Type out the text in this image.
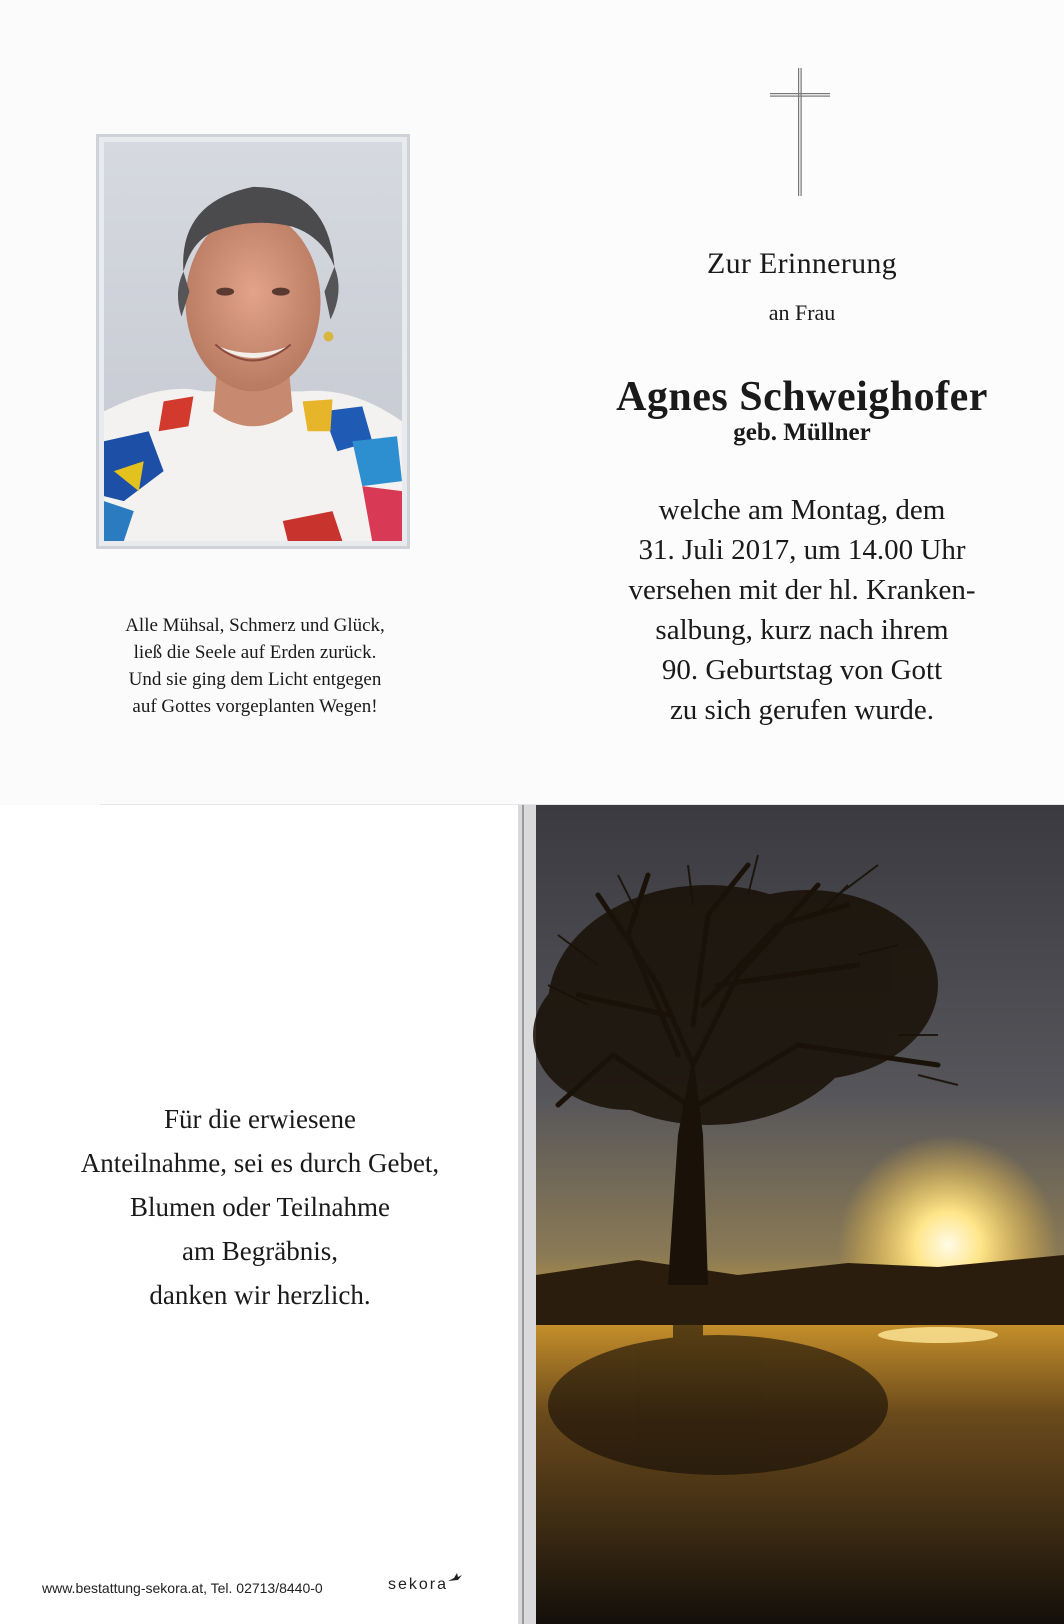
Alle Mühsal, Schmerz und Glück,
ließ die Seele auf Erden zurück.
Und sie ging dem Licht entgegen
auf Gottes vorgeplanten Wegen!
Zur Erinnerung
an Frau
Agnes Schweighofer
geb. Müllner
welche am Montag, dem
31. Juli 2017, um 14.00 Uhr
versehen mit der hl. Kranken-
salbung, kurz nach ihrem
90. Geburtstag von Gott
zu sich gerufen wurde.
Für die erwiesene
Anteilnahme, sei es durch Gebet,
Blumen oder Teilnahme
am Begräbnis,
danken wir herzlich.
www.bestattung-sekora.at, Tel. 02713/8440-0	sekora
